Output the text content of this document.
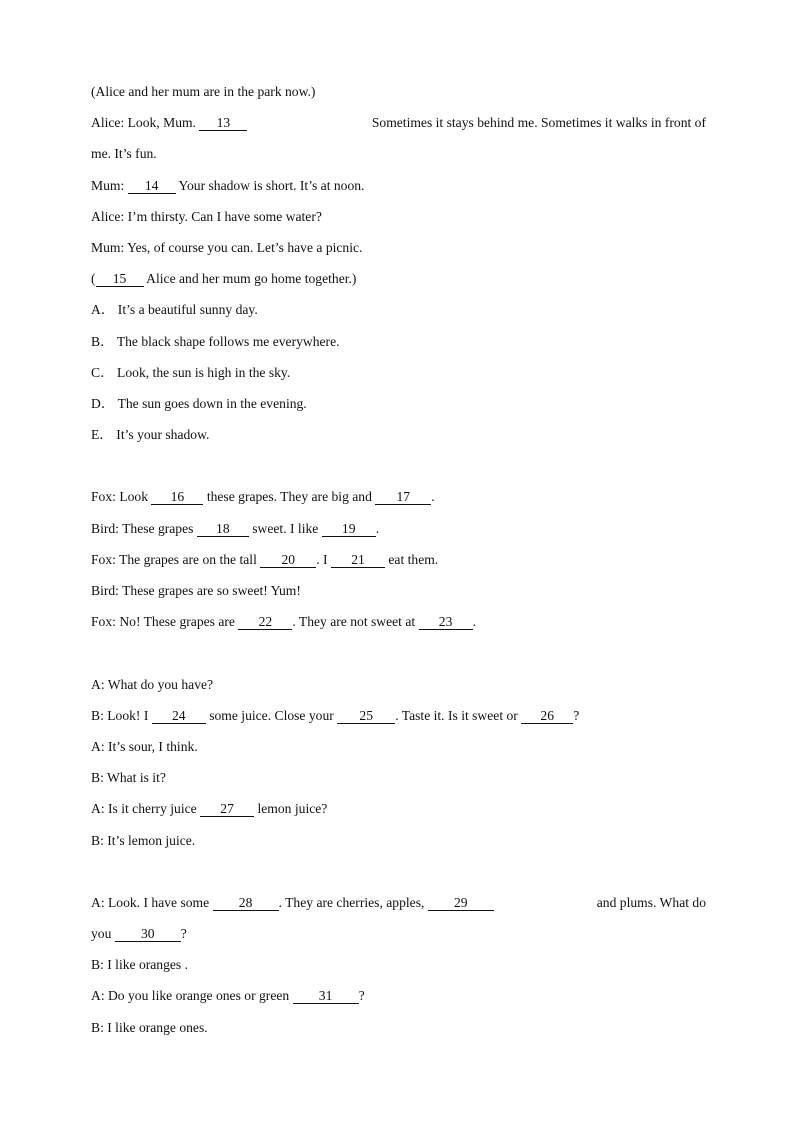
(Alice and her mum are in the park now.)
Alice: Look, Mum. 13	Sometimes it stays behind me. Sometimes it walks in front of
me. It’s fun.
Mum: 14 Your shadow is short. It’s at noon.
Alice: I’m thirsty. Can I have some water?
Mum: Yes, of course you can. Let’s have a picnic.
( 15 Alice and her mum go home together.)
A． It’s a beautiful sunny day.
B． The black shape follows me everywhere.
C． Look, the sun is high in the sky.
D． The sun goes down in the evening.
E． It’s your shadow.
Fox: Look 16 these grapes. They are big and 17 .
Bird: These grapes 18 sweet. I like 19 .
Fox: The grapes are on the tall 20 . I 21 eat them.
Bird: These grapes are so sweet! Yum!
Fox: No! These grapes are 22 . They are not sweet at 23 .
A: What do you have?
B: Look! I 24 some juice. Close your 25 . Taste it. Is it sweet or 26 ?
A: It’s sour, I think.
B: What is it?
A: Is it cherry juice 27 lemon juice?
B: It’s lemon juice.
A: Look. I have some 28 . They are cherries, apples, 29	and plums. What do
you 30 ?
B: I like oranges .
A: Do you like orange ones or green 31 ?
B: I like orange ones.
